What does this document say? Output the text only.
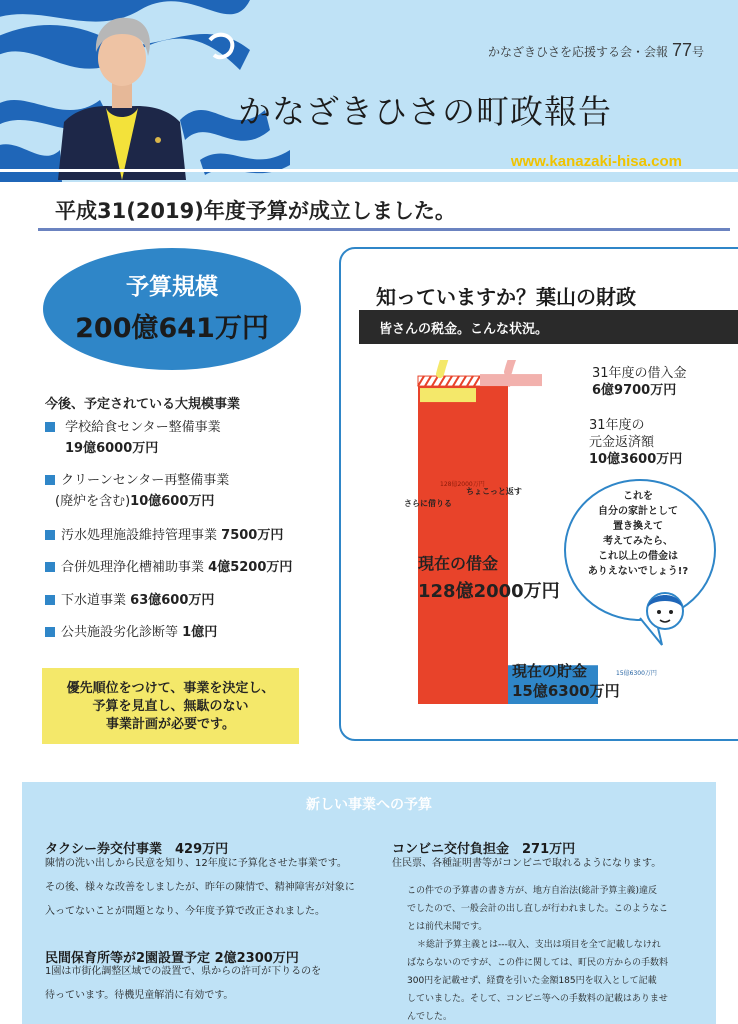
かなざきひさを応援する会・会報 77号
かなざきひさの町政報告
www.kanazaki-hisa.com
平成31(2019)年度予算が成立しました。
予算規模
200億641万円
今後、予定されている大規模事業
学校給食センター整備事業
19億6000万円
クリーンセンター再整備事業
(廃炉を含む)10億600万円
汚水処理施設維持管理事業 7500万円
合併処理浄化槽補助事業 4億5200万円
下水道事業 63億600万円
公共施設劣化診断等 1億円
優先順位をつけて、事業を決定し、
予算を見直し、無駄のない
事業計画が必要です。
知っていますか？葉山の財政
皆さんの税金。こんな状況。
31年度の借入金
6億9700万円
31年度の
元金返済額
10億3600万円
128億2000万円
さらに借りる
ちょこっと返す
現在の借金
128億2000万円
15億6300万円
現在の貯金
15億6300万円
これを
自分の家計として
置き換えて
考えてみたら、
これ以上の借金は
ありえないでしょう!?
新しい事業への予算
タクシー券交付事業　429万円
陳情の洗い出しから民意を知り、12年度に予算化させた事業です。
その後、様々な改善をしましたが、昨年の陳情で、精神障害が対象に
入ってないことが問題となり、今年度予算で改正されました。
民間保育所等が2園設置予定 2億2300万円
1園は市街化調整区域での設置で、県からの許可が下りるのを
待っています。待機児童解消に有効です。
コンビニ交付負担金　271万円
住民票、各種証明書等がコンビニで取れるようになります。
この件での予算書の書き方が、地方自治法(総計予算主義)違反
でしたので、一般会計の出し直しが行われました。このようなこ
とは前代未聞です。
＊総計予算主義とは---収入、支出は項目を全て記載しなけれ
ばならないのですが、この件に関しては、町民の方からの手数料
300円を記載せず、経費を引いた金額185円を収入として記載
していました。そして、コンビニ等への手数料の記載はありませ
んでした。
